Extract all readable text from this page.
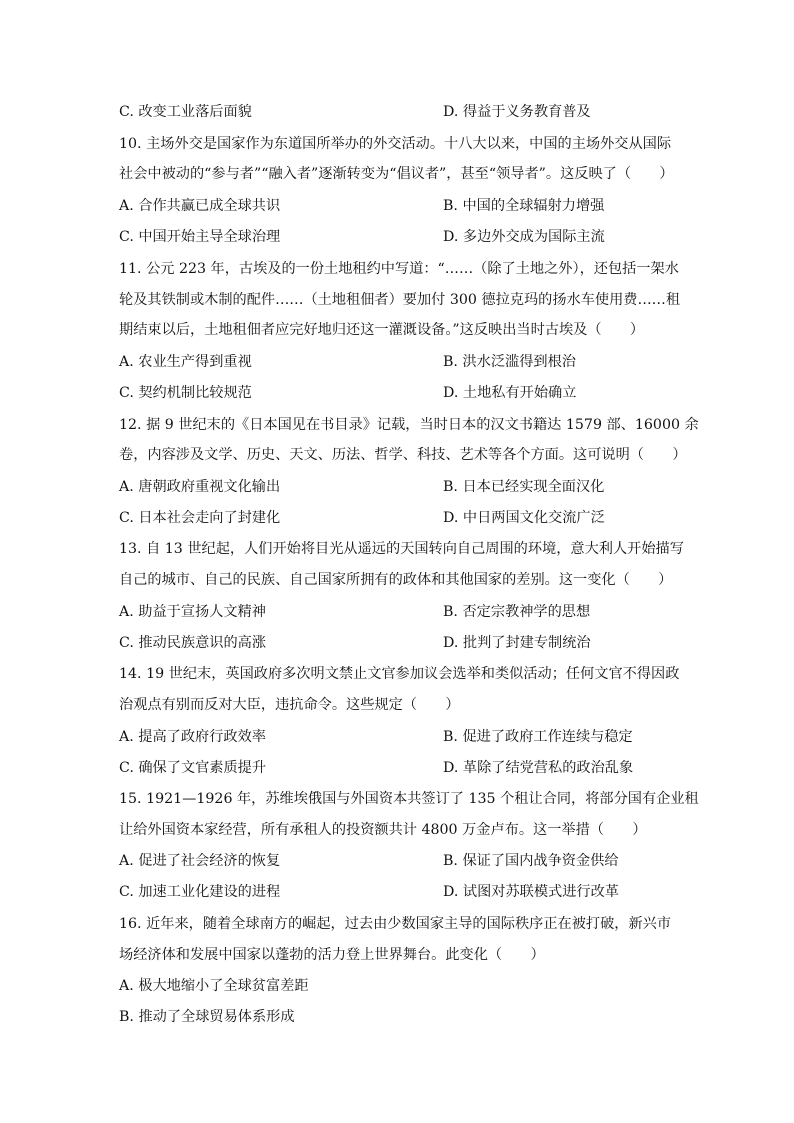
C. 改变工业落后面貌	D. 得益于义务教育普及
10. 主场外交是国家作为东道国所举办的外交活动。十八大以来，中国的主场外交从国际
社会中被动的“参与者”“融入者”逐渐转变为“倡议者”，甚至“领导者”。这反映了（　　）
A. 合作共赢已成全球共识	B. 中国的全球辐射力增强
C. 中国开始主导全球治理	D. 多边外交成为国际主流
11. 公元 223 年，古埃及的一份土地租约中写道：“……（除了土地之外），还包括一架水
轮及其铁制或木制的配件……（土地租佃者）要加付 300 德拉克玛的扬水车使用费……租
期结束以后，土地租佃者应完好地归还这一灌溉设备。”这反映出当时古埃及（　　）
A. 农业生产得到重视	B. 洪水泛滥得到根治
C. 契约机制比较规范	D. 土地私有开始确立
12. 据 9 世纪末的《日本国见在书目录》记载，当时日本的汉文书籍达 1579 部、16000 余
卷，内容涉及文学、历史、天文、历法、哲学、科技、艺术等各个方面。这可说明（　　）
A. 唐朝政府重视文化输出	B. 日本已经实现全面汉化
C. 日本社会走向了封建化	D. 中日两国文化交流广泛
13. 自 13 世纪起，人们开始将目光从遥远的天国转向自己周围的环境，意大利人开始描写
自己的城市、自己的民族、自己国家所拥有的政体和其他国家的差别。这一变化（　　）
A. 助益于宣扬人文精神	B. 否定宗教神学的思想
C. 推动民族意识的高涨	D. 批判了封建专制统治
14. 19 世纪末，英国政府多次明文禁止文官参加议会选举和类似活动；任何文官不得因政
治观点有别而反对大臣，违抗命令。这些规定（　　）
A. 提高了政府行政效率	B. 促进了政府工作连续与稳定
C. 确保了文官素质提升	D. 革除了结党营私的政治乱象
15. 1921—1926 年，苏维埃俄国与外国资本共签订了 135 个租让合同，将部分国有企业租
让给外国资本家经营，所有承租人的投资额共计 4800 万金卢布。这一举措（　　）
A. 促进了社会经济的恢复	B. 保证了国内战争资金供给
C. 加速工业化建设的进程	D. 试图对苏联模式进行改革
16. 近年来，随着全球南方的崛起，过去由少数国家主导的国际秩序正在被打破，新兴市
场经济体和发展中国家以蓬勃的活力登上世界舞台。此变化（　　）
A. 极大地缩小了全球贫富差距
B. 推动了全球贸易体系形成
